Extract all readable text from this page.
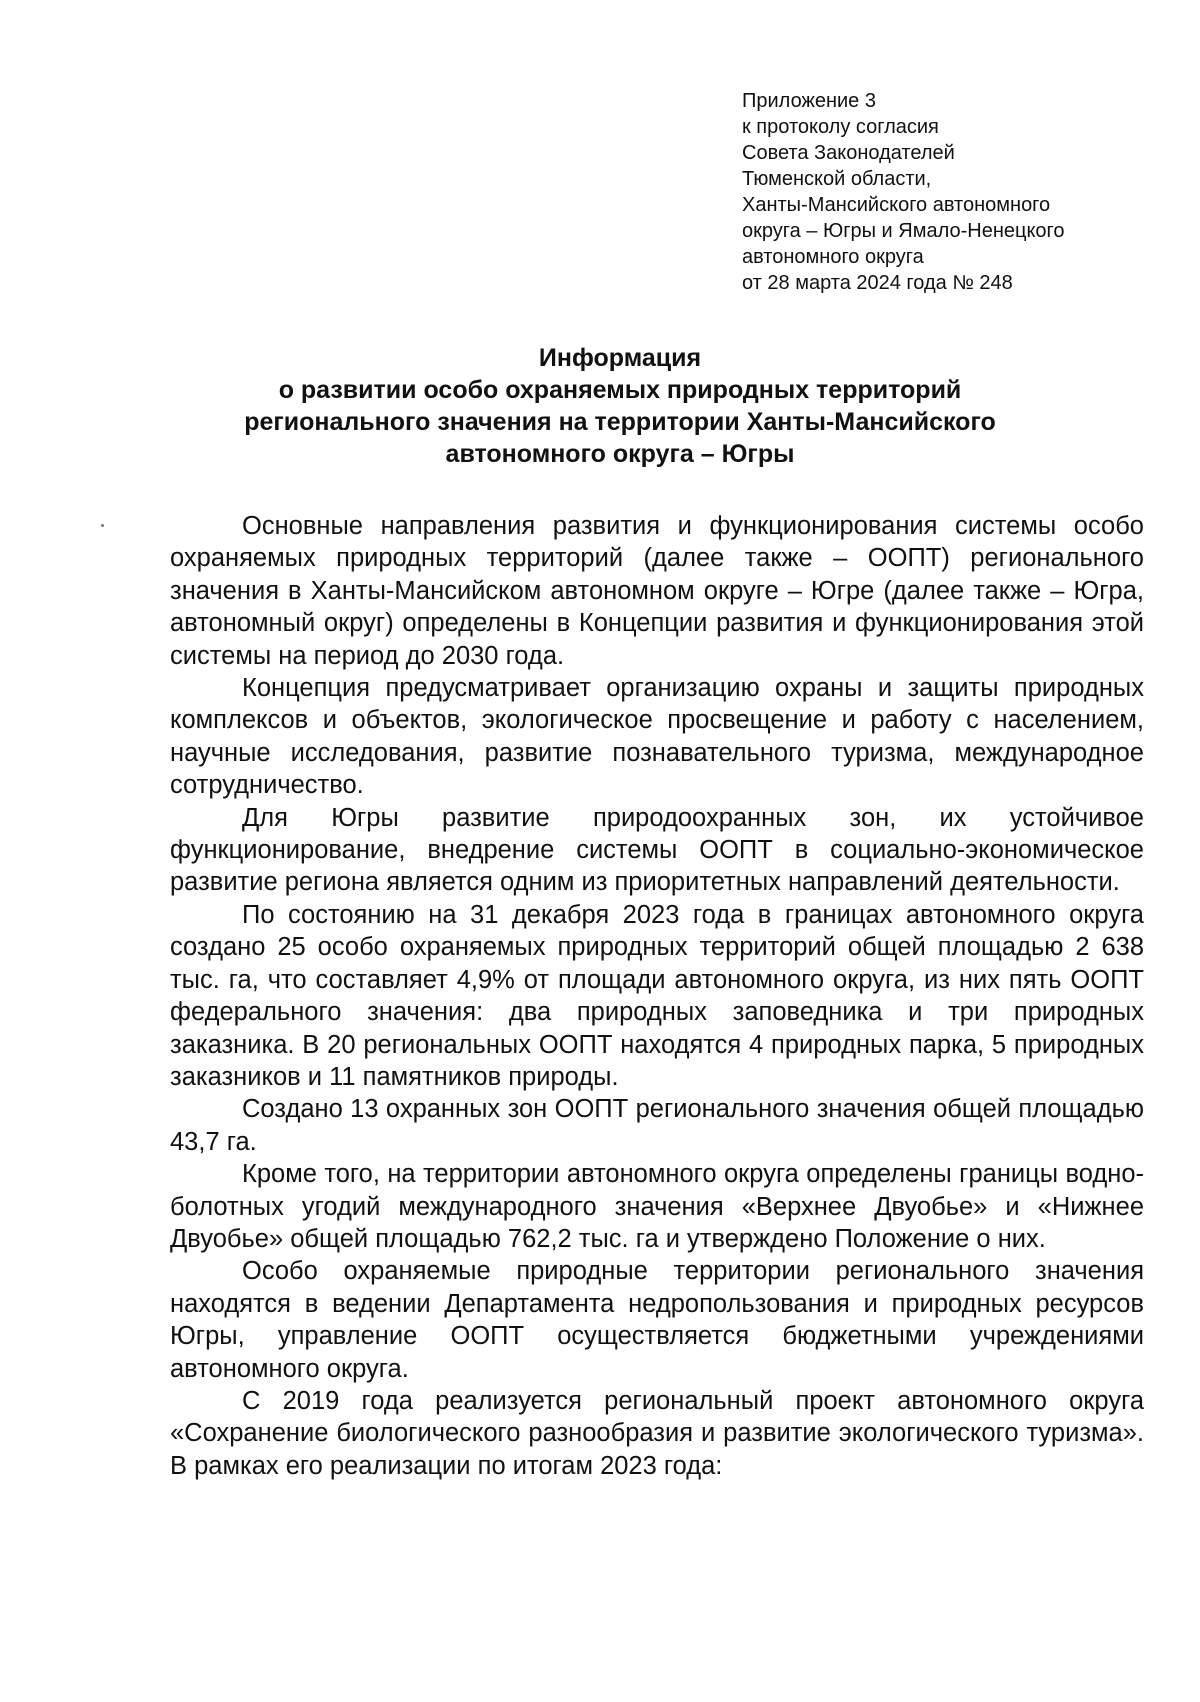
Приложение 3
к протоколу согласия
Совета Законодателей
Тюменской области,
Ханты-Мансийского автономного
округа – Югры и Ямало-Ненецкого
автономного округа
от 28 марта 2024 года № 248
Информация
о развитии особо охраняемых природных территорий
регионального значения на территории Ханты-Мансийского
автономного округа – Югры

Основные направления развития и функционирования системы особо охраняемых природных территорий (далее также – ООПТ) регионального значения в Ханты-Мансийском автономном округе – Югре (далее также – Югра, автономный округ) определены в Концепции развития и функционирования этой системы на период до 2030 года.

Концепция предусматривает организацию охраны и защиты природных комплексов и объектов, экологическое просвещение и работу с населением, научные исследования, развитие познавательного туризма, международное сотрудничество.

Для Югры развитие природоохранных зон, их устойчивое функционирование, внедрение системы ООПТ в социально-экономическое развитие региона является одним из приоритетных направлений деятельности.

По состоянию на 31 декабря 2023 года в границах автономного округа создано 25 особо охраняемых природных территорий общей площадью 2 638 тыс. га, что составляет 4,9% от площади автономного округа, из них пять ООПТ федерального значения: два природных заповедника и три природных заказника. В 20 региональных ООПТ находятся 4 природных парка, 5 природных заказников и 11 памятников природы.

Создано 13 охранных зон ООПТ регионального значения общей площадью 43,7 га.

Кроме того, на территории автономного округа определены границы водно-болотных угодий международного значения «Верхнее Двуобье» и «Нижнее Двуобье» общей площадью 762,2 тыс. га и утверждено Положение о них.

Особо охраняемые природные территории регионального значения находятся в ведении Департамента недропользования и природных ресурсов Югры, управление ООПТ осуществляется бюджетными учреждениями автономного округа.

С 2019 года реализуется региональный проект автономного округа «Сохранение биологического разнообразия и развитие экологического туризма». В рамках его реализации по итогам 2023 года:
